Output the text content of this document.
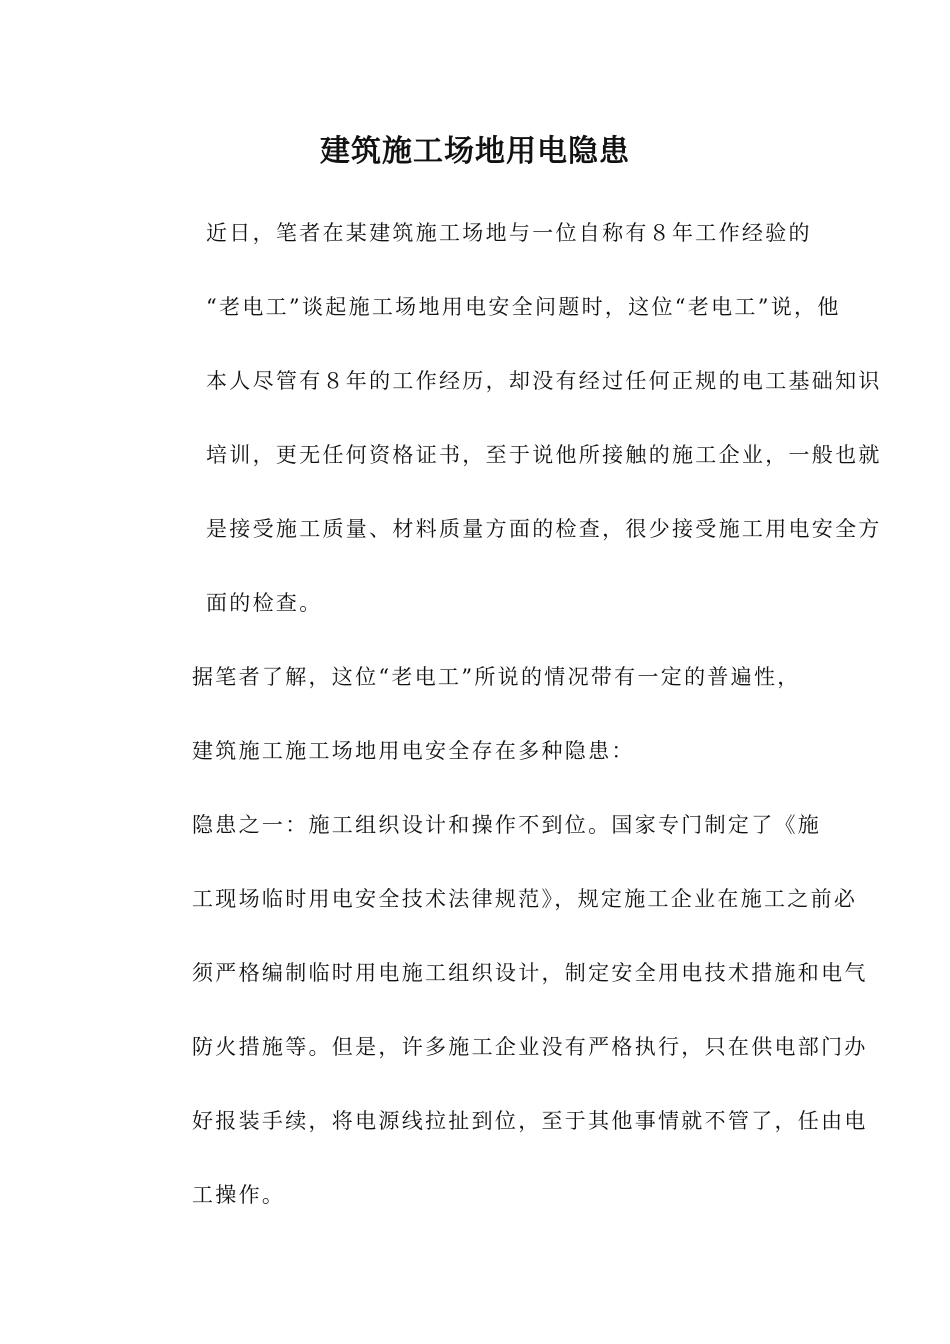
建筑施工场地用电隐患

近日，笔者在某建筑施工场地与一位自称有８年工作经验的
“老电工”谈起施工场地用电安全问题时，这位“老电工”说，他
本人尽管有８年的工作经历，却没有经过任何正规的电工基础知识
培训，更无任何资格证书，至于说他所接触的施工企业，一般也就
是接受施工质量、材料质量方面的检查，很少接受施工用电安全方
面的检查。

据笔者了解，这位“老电工”所说的情况带有一定的普遍性，
建筑施工施工场地用电安全存在多种隐患：

隐患之一：施工组织设计和操作不到位。国家专门制定了《施
工现场临时用电安全技术法律规范》，规定施工企业在施工之前必
须严格编制临时用电施工组织设计，制定安全用电技术措施和电气
防火措施等。但是，许多施工企业没有严格执行，只在供电部门办
好报装手续，将电源线拉扯到位，至于其他事情就不管了，任由电
工操作。
